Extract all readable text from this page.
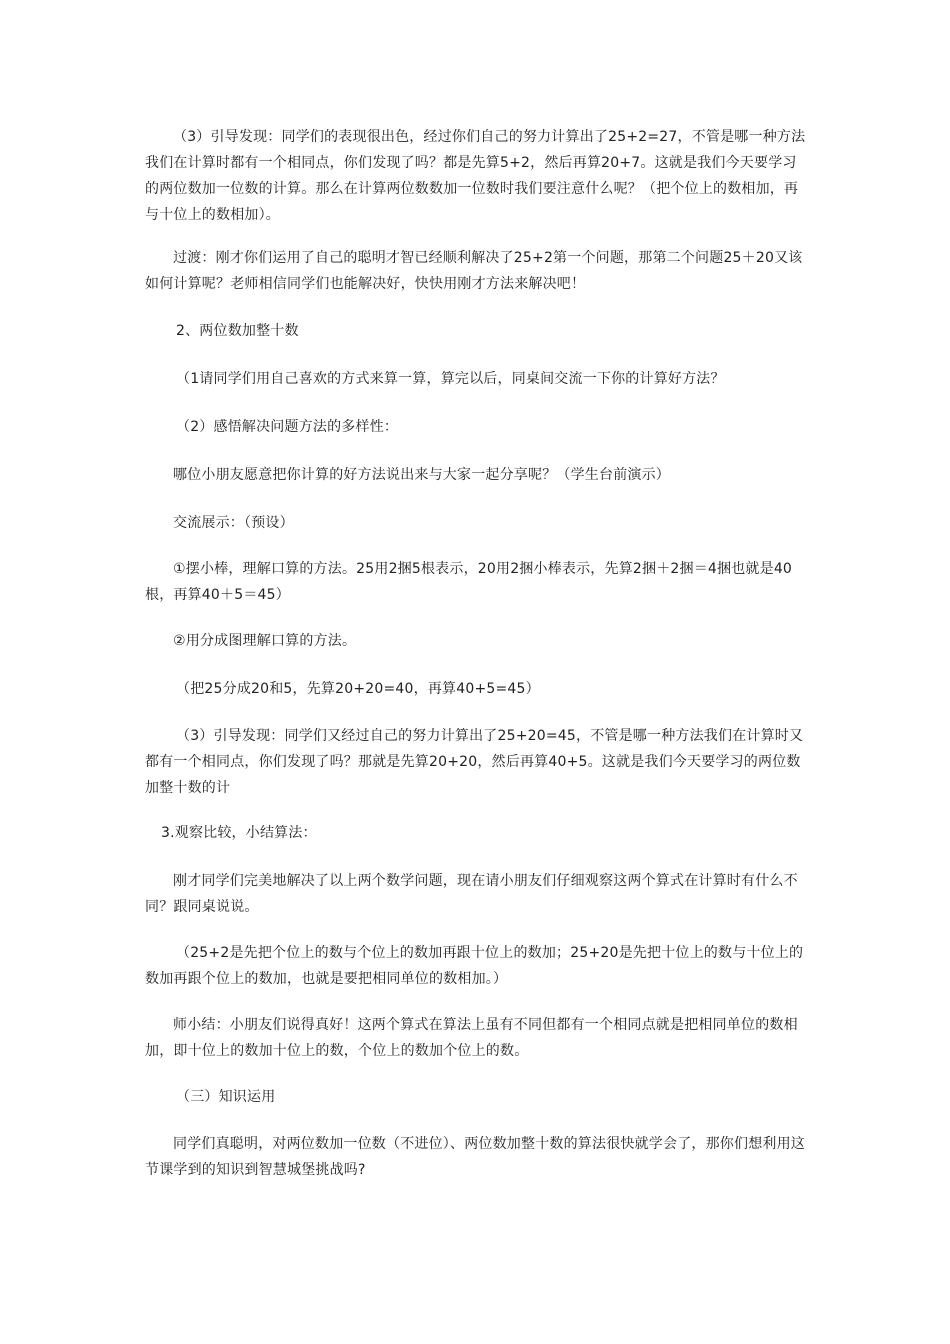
（3）引导发现：同学们的表现很出色，经过你们自己的努力计算出了25+2=27，不管是哪一种方法我们在计算时都有一个相同点，你们发现了吗？都是先算5+2，然后再算20+7。这就是我们今天要学习的两位数加一位数的计算。那么在计算两位数数加一位数时我们要注意什么呢？（把个位上的数相加，再与十位上的数相加）。

过渡：刚才你们运用了自己的聪明才智已经顺利解决了25+2第一个问题，那第二个问题25＋20又该如何计算呢？老师相信同学们也能解决好，快快用刚才方法来解决吧！

2、两位数加整十数

（1请同学们用自己喜欢的方式来算一算，算完以后，同桌间交流一下你的计算好方法？

（2）感悟解决问题方法的多样性：

哪位小朋友愿意把你计算的好方法说出来与大家一起分享呢？（学生台前演示）

交流展示：（预设）

①摆小棒，理解口算的方法。25用2捆5根表示，20用2捆小棒表示，先算2捆＋2捆＝4捆也就是40根，再算40＋5＝45）

②用分成图理解口算的方法。

（把25分成20和5，先算20+20=40，再算40+5=45）

（3）引导发现：同学们又经过自己的努力计算出了25+20=45，不管是哪一种方法我们在计算时又都有一个相同点，你们发现了吗？那就是先算20+20，然后再算40+5。这就是我们今天要学习的两位数加整十数的计

3.观察比较，小结算法：

刚才同学们完美地解决了以上两个数学问题，现在请小朋友们仔细观察这两个算式在计算时有什么不同？跟同桌说说。

（25+2是先把个位上的数与个位上的数加再跟十位上的数加；25+20是先把十位上的数与十位上的数加再跟个位上的数加，也就是要把相同单位的数相加。）

师小结：小朋友们说得真好！这两个算式在算法上虽有不同但都有一个相同点就是把相同单位的数相加，即十位上的数加十位上的数，个位上的数加个位上的数。

（三）知识运用

同学们真聪明，对两位数加一位数（不进位）、两位数加整十数的算法很快就学会了，那你们想利用这节课学到的知识到智慧城堡挑战吗?
